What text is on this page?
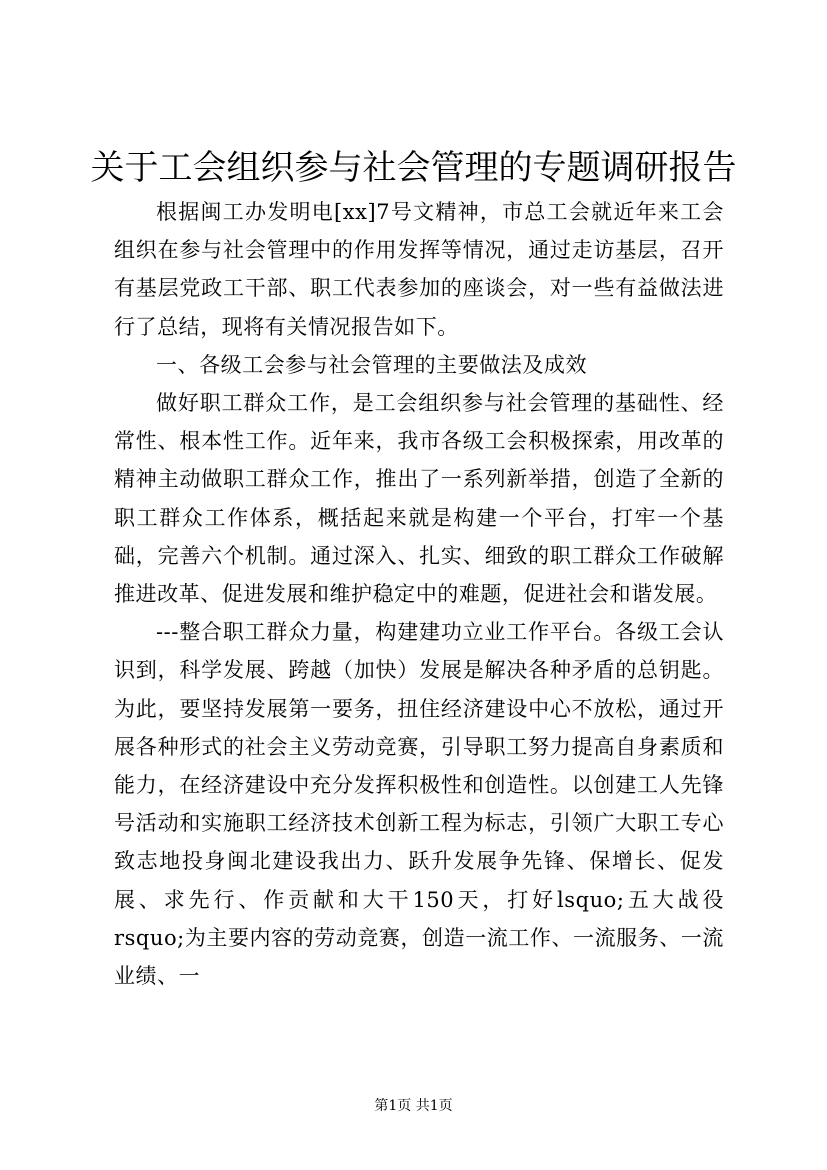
关于工会组织参与社会管理的专题调研报告

根据闽工办发明电[xx]7号文精神，市总工会就近年来工会组织在参与社会管理中的作用发挥等情况，通过走访基层，召开有基层党政工干部、职工代表参加的座谈会，对一些有益做法进行了总结，现将有关情况报告如下。

一、各级工会参与社会管理的主要做法及成效

做好职工群众工作，是工会组织参与社会管理的基础性、经常性、根本性工作。近年来，我市各级工会积极探索，用改革的精神主动做职工群众工作，推出了一系列新举措，创造了全新的职工群众工作体系，概括起来就是构建一个平台，打牢一个基础，完善六个机制。通过深入、扎实、细致的职工群众工作破解推进改革、促进发展和维护稳定中的难题，促进社会和谐发展。

---整合职工群众力量，构建建功立业工作平台。各级工会认识到，科学发展、跨越（加快）发展是解决各种矛盾的总钥匙。为此，要坚持发展第一要务，扭住经济建设中心不放松，通过开展各种形式的社会主义劳动竞赛，引导职工努力提高自身素质和能力，在经济建设中充分发挥积极性和创造性。以创建工人先锋号活动和实施职工经济技术创新工程为标志，引领广大职工专心致志地投身闽北建设我出力、跃升发展争先锋、保增长、促发展、求先行、作贡献和大干150天，打好lsquo;五大战役rsquo;为主要内容的劳动竞赛，创造一流工作、一流服务、一流业绩、一

第1页 共1页
